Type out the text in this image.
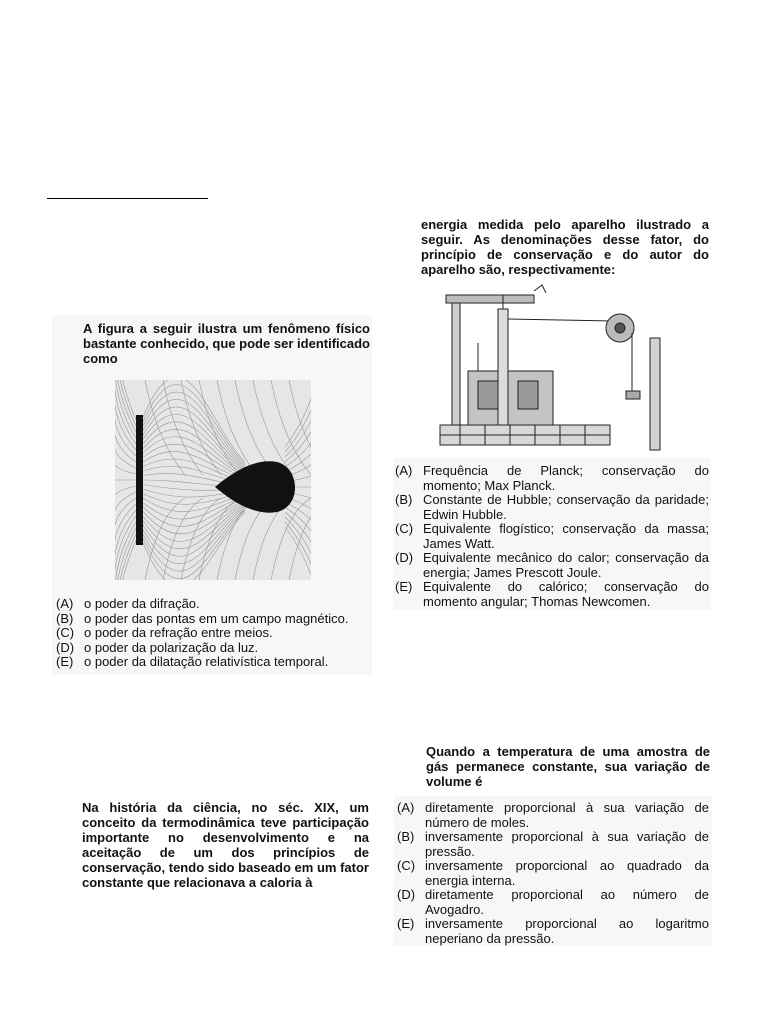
A figura a seguir ilustra um fenômeno físico bastante conhecido, que pode ser identificado como
(A) o poder da difração.
(B) o poder das pontas em um campo magnético.
(C) o poder da refração entre meios.
(D) o poder da polarização da luz.
(E) o poder da dilatação relativística temporal.
energia medida pelo aparelho ilustrado a seguir. As denominações desse fator, do princípio de conservação e do autor do aparelho são, respectivamente:
(A) Frequência de Planck; conservação do momento; Max Planck.
(B) Constante de Hubble; conservação da paridade; Edwin Hubble.
(C) Equivalente flogístico; conservação da massa; James Watt.
(D) Equivalente mecânico do calor; conservação da energia; James Prescott Joule.
(E) Equivalente do calórico; conservação do momento angular; Thomas Newcomen.
Na história da ciência, no séc. XIX, um conceito da termodinâmica teve participação importante no desenvolvimento e na aceitação de um dos princípios de conservação, tendo sido baseado em um fator constante que relacionava a caloria à
Quando a temperatura de uma amostra de gás permanece constante, sua variação de volume é
(A) diretamente proporcional à sua variação de número de moles.
(B) inversamente proporcional à sua variação de pressão.
(C) inversamente proporcional ao quadrado da energia interna.
(D) diretamente proporcional ao número de Avogadro.
(E) inversamente proporcional ao logaritmo neperiano da pressão.
